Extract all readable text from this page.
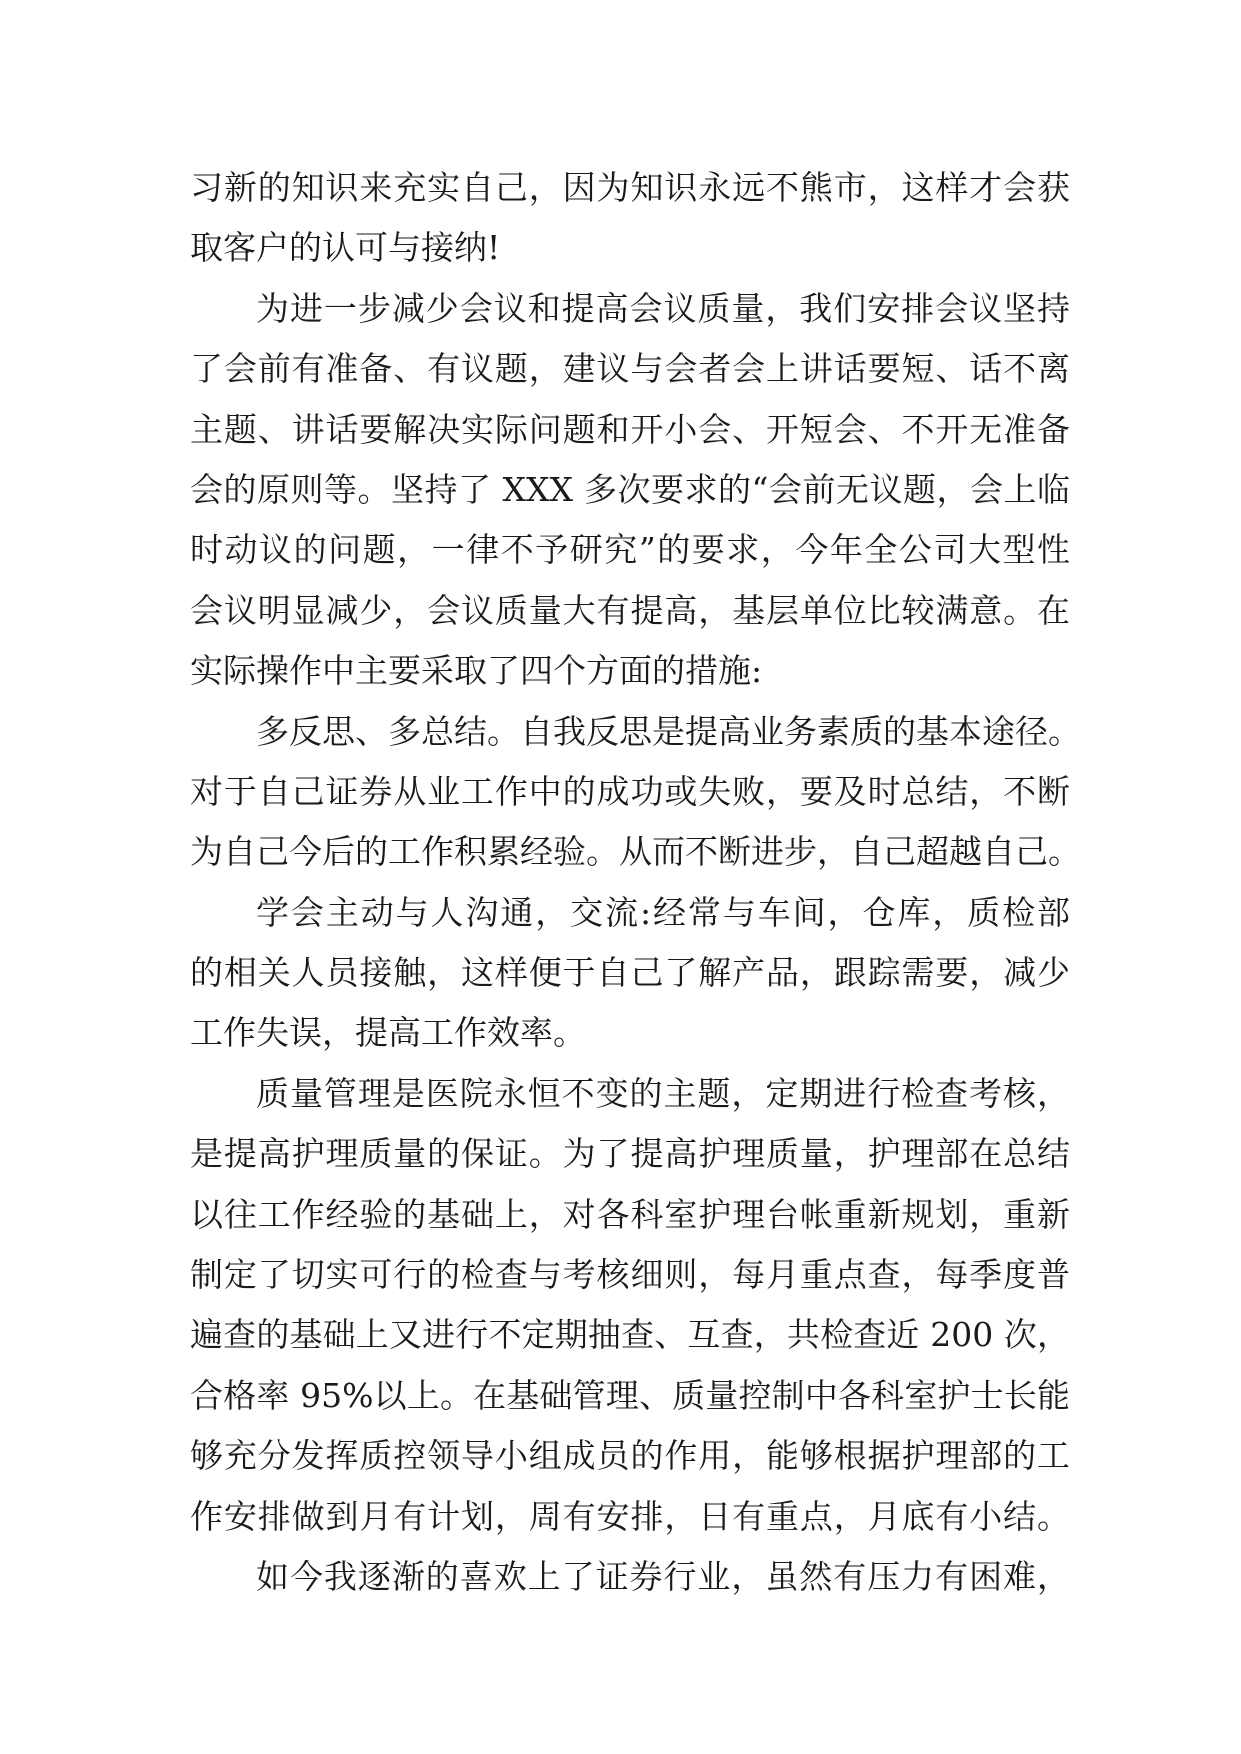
习新的知识来充实自己，因为知识永远不熊市，这样才会获
取客户的认可与接纳!
为进一步减少会议和提高会议质量，我们安排会议坚持
了会前有准备、有议题，建议与会者会上讲话要短、话不离
主题、讲话要解决实际问题和开小会、开短会、不开无准备
会的原则等。坚持了 XXX 多次要求的“会前无议题，会上临
时动议的问题，一律不予研究”的要求，今年全公司大型性
会议明显减少，会议质量大有提高，基层单位比较满意。在
实际操作中主要采取了四个方面的措施:
多反思、多总结。自我反思是提高业务素质的基本途径。
对于自己证券从业工作中的成功或失败，要及时总结，不断
为自己今后的工作积累经验。从而不断进步，自己超越自己。
学会主动与人沟通，交流:经常与车间，仓库，质检部
的相关人员接触，这样便于自己了解产品，跟踪需要，减少
工作失误，提高工作效率。
质量管理是医院永恒不变的主题，定期进行检查考核，
是提高护理质量的保证。为了提高护理质量，护理部在总结
以往工作经验的基础上，对各科室护理台帐重新规划，重新
制定了切实可行的检查与考核细则，每月重点查，每季度普
遍查的基础上又进行不定期抽查、互查，共检查近 200 次，
合格率 95%以上。在基础管理、质量控制中各科室护士长能
够充分发挥质控领导小组成员的作用，能够根据护理部的工
作安排做到月有计划，周有安排，日有重点，月底有小结。
如今我逐渐的喜欢上了证券行业，虽然有压力有困难，
